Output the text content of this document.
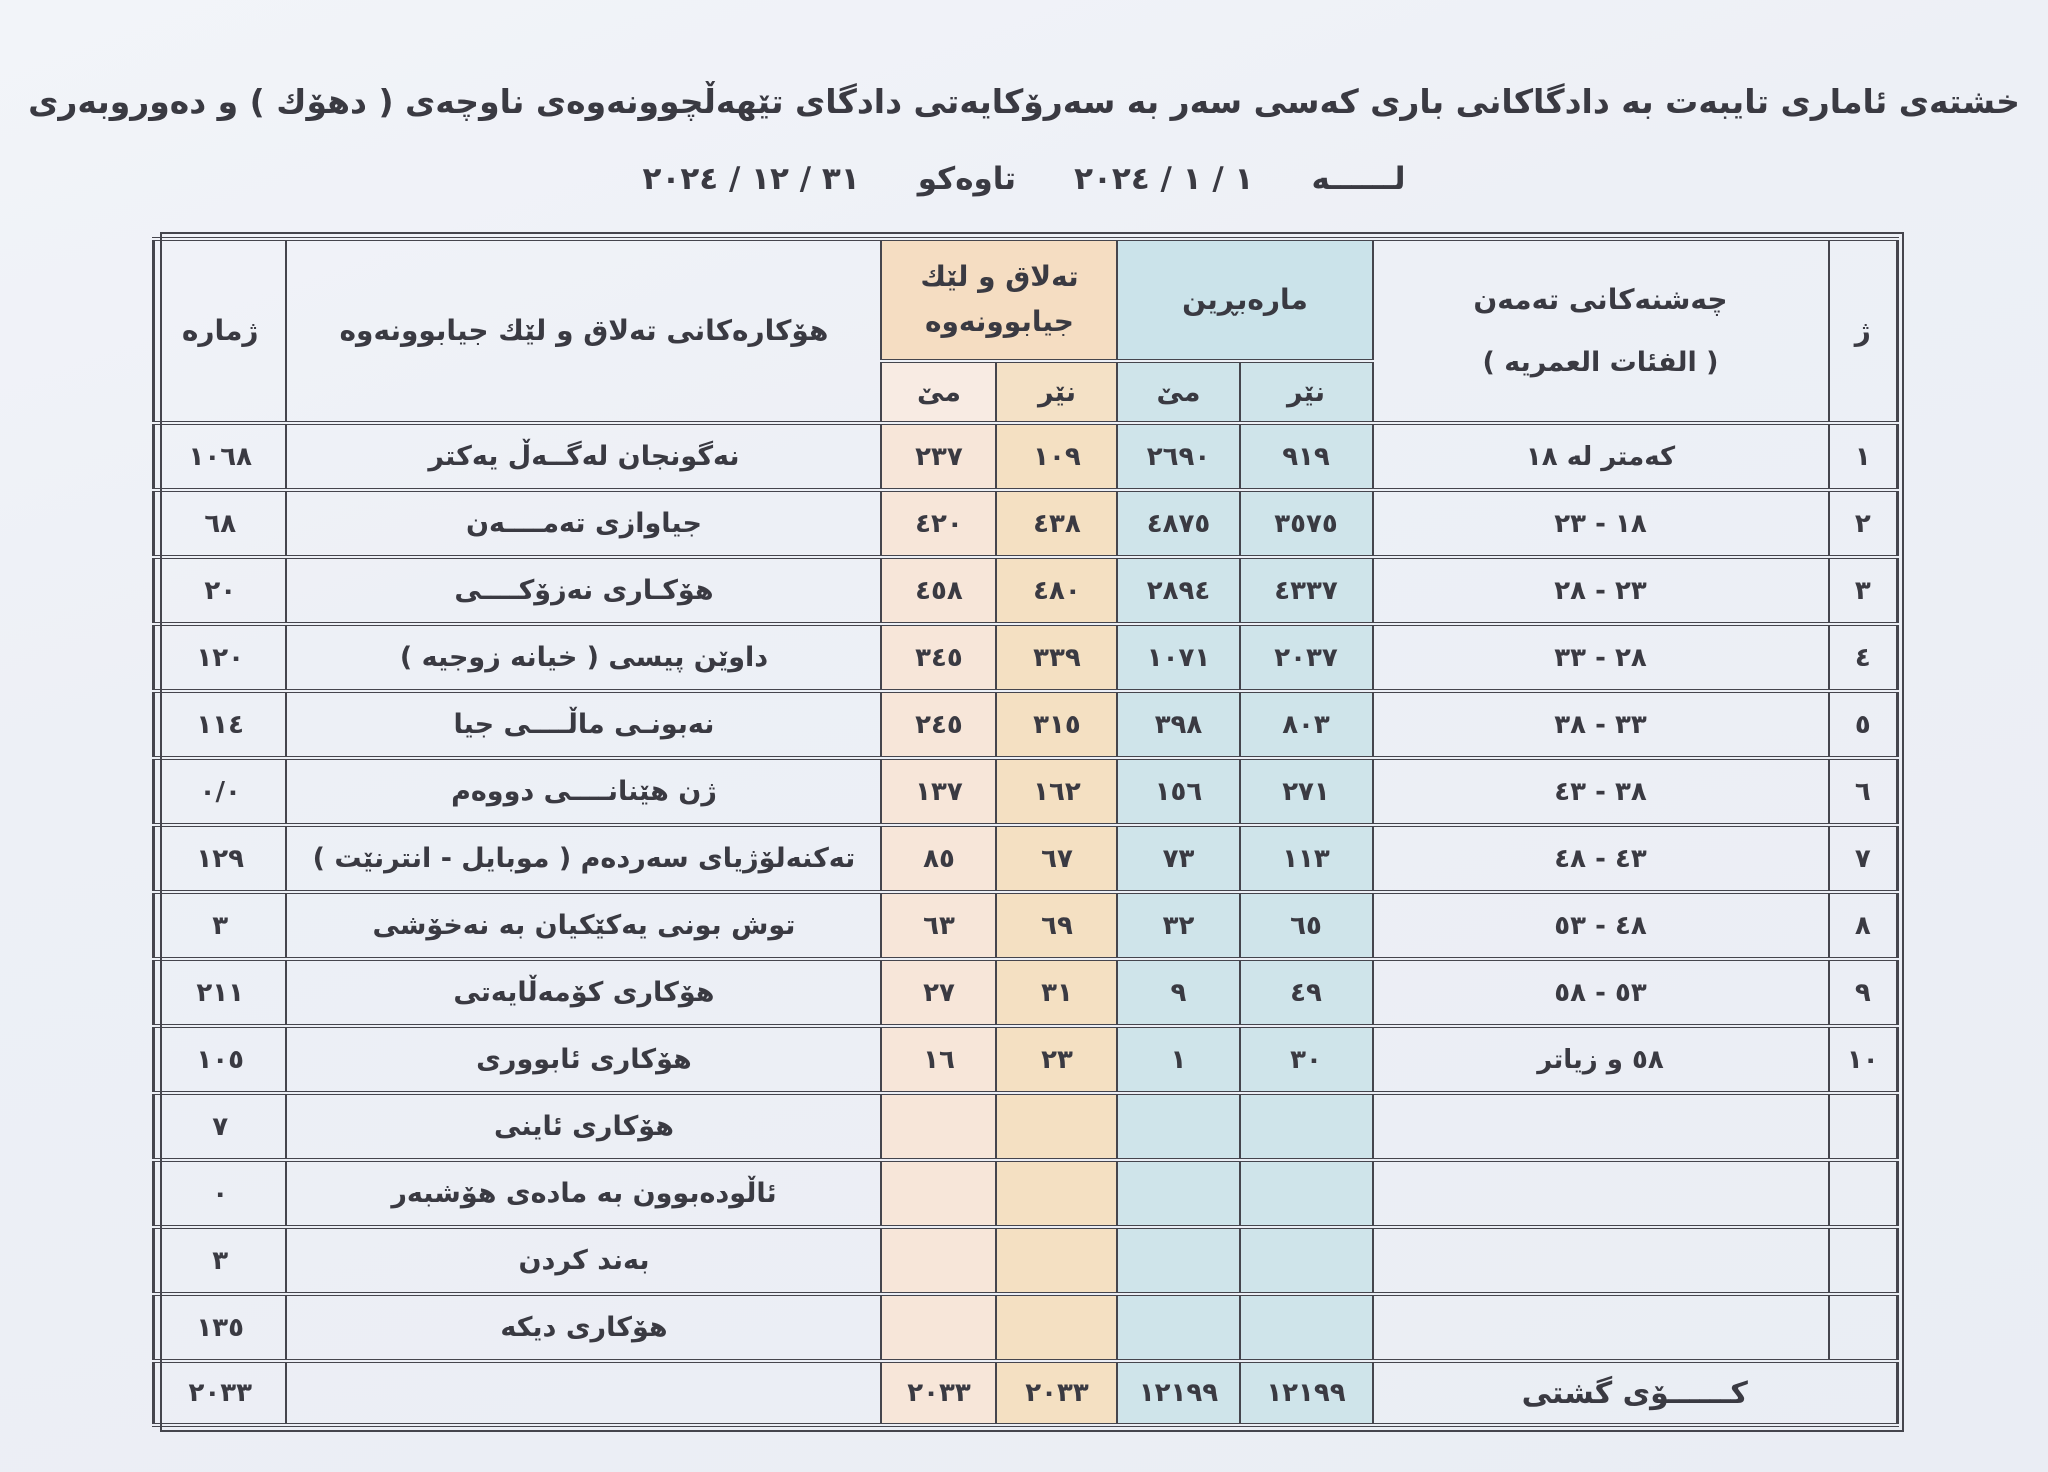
خشتەی ئاماری تایبەت بە دادگاکانی باری کەسی سەر بە سەرۆکایەتی دادگای تێهەڵچوونەوەی ناوچەی ( دهۆك ) و دەوروبەری
لــــــە
١ / ١ / ٢٠٢٤
تاوەکو
٣١ / ١٢ / ٢٠٢٤
ژ	چەشنەکانی تەمەن
( الفئات العمريه )	مارەبڕین		تەلاق و لێك جیابوونەوە		هۆکارەکانی تەلاق و لێك جیابوونەوە	ژماره
		نێر	مێ	نێر	مێ		
١	کەمتر لە ١٨	٩١٩	٢٦٩٠	١٠٩	٢٣٧	نەگونجان لەگــەڵ یەکتر	١٠٦٨
٢	١٨ - ٢٣	٣٥٧٥	٤٨٧٥	٤٣٨	٤٢٠	جیاوازی تەمــــەن	٦٨
٣	٢٣ - ٢٨	٤٣٣٧	٢٨٩٤	٤٨٠	٤٥٨	هۆکـاری نەزۆکــــی	٢٠
٤	٢٨ - ٣٣	٢٠٣٧	١٠٧١	٣٣٩	٣٤٥	داوێن پیسی ( خیانە زوجیە )	١٢٠
٥	٣٣ - ٣٨	٨٠٣	٣٩٨	٣١٥	٢٤٥	نەبونـی ماڵــــی جیا	١١٤
٦	٣٨ - ٤٣	٢٧١	١٥٦	١٦٢	١٣٧	ژن هێنانــــی دووەم	٠/٠
٧	٤٣ - ٤٨	١١٣	٧٣	٦٧	٨٥	تەکنەلۆژیای سەردەم ( موبایل - انترنێت )	١٢٩
٨	٤٨ - ٥٣	٦٥	٣٢	٦٩	٦٣	توش بونی یەکێکیان بە نەخۆشی	٣
٩	٥٣ - ٥٨	٤٩	٩	٣١	٢٧	هۆکاری کۆمەڵایەتی	٢١١
١٠	٥٨ و زیاتر	٣٠	١	٢٣	١٦	هۆکاری ئابووری	١٠٥
						هۆکاری ئاینی	٧
						ئاڵودەبوون بە مادەی هۆشبەر	٠
						بەند کردن	٣
						هۆکاری دیکە	١٣٥
کــــــۆی گشتی		١٢١٩٩	١٢١٩٩	٢٠٣٣	٢٠٣٣		٢٠٣٣
